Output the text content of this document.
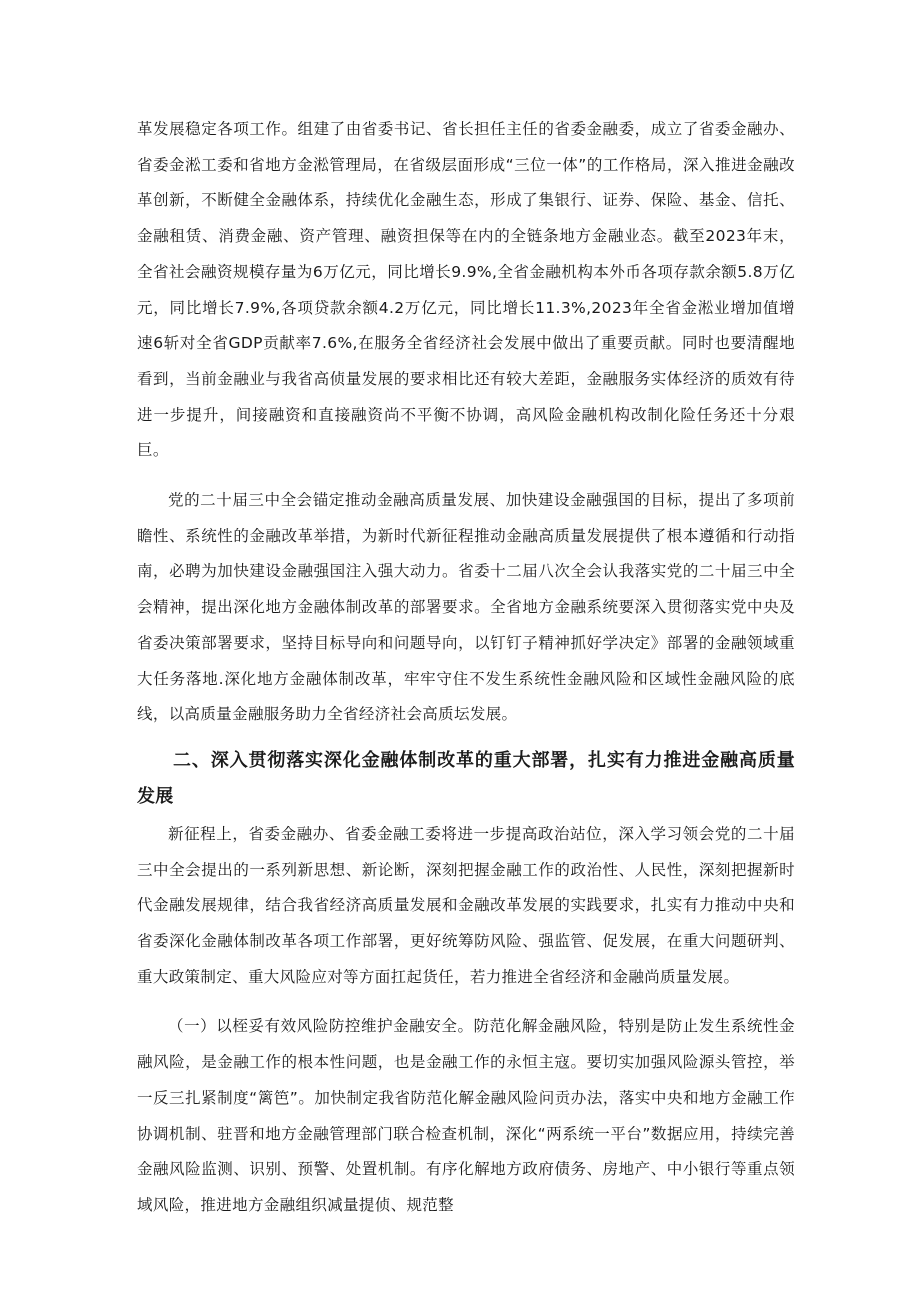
革发展稳定各项工作。组建了由省委书记、省长担任主任的省委金融委，成立了省委金融办、省委金淞工委和省地方金淞管理局，在省级层面形成“三位一体”的工作格局，深入推进金融改革创新，不断健全金融体系，持续优化金融生态，形成了集银行、证券、保险、基金、信托、金融租赁、消费金融、资产管理、融资担保等在内的全链条地方金融业态。截至2023年末，全省社会融资规模存量为6万亿元，同比增长9.9%,全省金融机构本外币各项存款余额5.8万亿元，同比增长7.9%,各项贷款余额4.2万亿元，同比增长11.3%,2023年全省金淞业增加值增速6斩对全省GDP贡献率7.6%,在服务全省经济社会发展中做出了重要贡献。同时也要清醒地看到，当前金融业与我省高侦量发展的要求相比还有较大差距，金融服务实体经济的质效有待进一步提升，间接融资和直接融资尚不平衡不协调，高风险金融机构改制化险任务还十分艰巨。

党的二十届三中全会锚定推动金融高质量发展、加快建设金融强国的目标，提出了多项前瞻性、系统性的金融改革举措，为新时代新征程推动金融高质量发展提供了根本遵循和行动指南，必聘为加快建设金融强国注入强大动力。省委十二届八次全会认我落实党的二十届三中全会精神，提出深化地方金融体制改革的部署要求。全省地方金融系统要深入贯彻落实党中央及省委决策部署要求，坚持目标导向和问题导向，以钉钉子精神抓好学决定》部署的金融领域重大任务落地.深化地方金融体制改革，牢牢守住不发生系统性金融风险和区域性金融风险的底线，以高质量金融服务助力全省经济社会高质坛发展。

二、深入贯彻落实深化金融体制改革的重大部署，扎实有力推进金融高质量发展

新征程上，省委金融办、省委金融工委将进一步提高政治站位，深入学习领会党的二十届三中全会提出的一系列新思想、新论断，深刻把握金融工作的政治性、人民性，深刻把握新时代金融发展规律，结合我省经济高质量发展和金融改革发展的实践要求，扎实有力推动中央和省委深化金融体制改革各项工作部署，更好统筹防风险、强监管、促发展，在重大问题研判、重大政策制定、重大风险应对等方面扛起货任，若力推进全省经济和金融尚质量发展。

（一）以桎妥有效风险防控维护金融安全。防范化解金融风险，特别是防止发生系统性金融风险，是金融工作的根本性问题，也是金融工作的永恒主寇。要切实加强风险源头管控，举一反三扎紧制度“篱笆”。加快制定我省防范化解金融风险问贡办法，落实中央和地方金融工作协调机制、驻晋和地方金融管理部门联合检查机制，深化“两系统一平台”数据应用，持续完善金融风险监测、识别、预警、处置机制。有序化解地方政府债务、房地产、中小银行等重点领域风险，推进地方金融组织减量提侦、规范整
